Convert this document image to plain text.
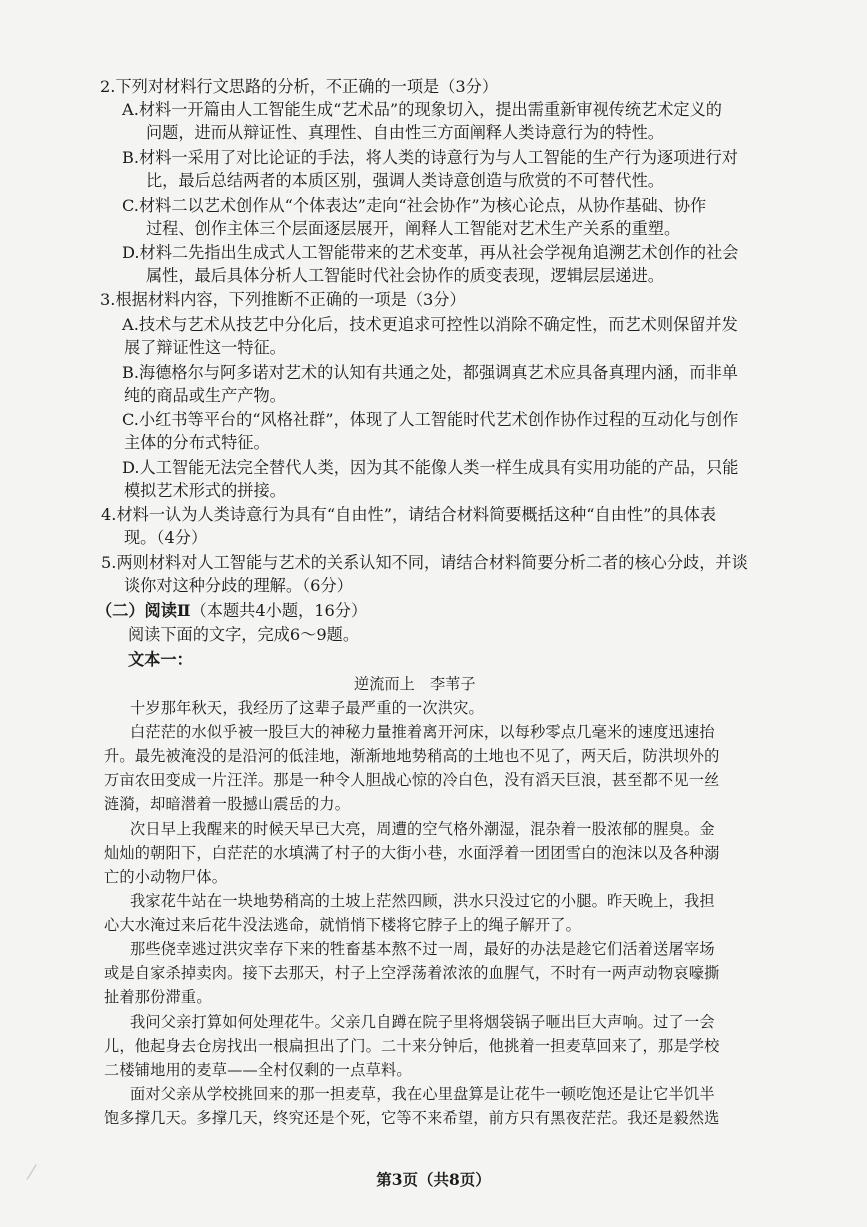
2.下列对材料行文思路的分析，不正确的一项是（3分）
A.材料一开篇由人工智能生成“艺术品”的现象切入，提出需重新审视传统艺术定义的
问题，进而从辩证性、真理性、自由性三方面阐释人类诗意行为的特性。
B.材料一采用了对比论证的手法，将人类的诗意行为与人工智能的生产行为逐项进行对
比，最后总结两者的本质区别，强调人类诗意创造与欣赏的不可替代性。
C.材料二以艺术创作从“个体表达”走向“社会协作”为核心论点，从协作基础、协作
过程、创作主体三个层面逐层展开，阐释人工智能对艺术生产关系的重塑。
D.材料二先指出生成式人工智能带来的艺术变革，再从社会学视角追溯艺术创作的社会
属性，最后具体分析人工智能时代社会协作的质变表现，逻辑层层递进。
3.根据材料内容，下列推断不正确的一项是（3分）
A.技术与艺术从技艺中分化后，技术更追求可控性以消除不确定性，而艺术则保留并发
展了辩证性这一特征。
B.海德格尔与阿多诺对艺术的认知有共通之处，都强调真艺术应具备真理内涵，而非单
纯的商品或生产产物。
C.小红书等平台的“风格社群”，体现了人工智能时代艺术创作协作过程的互动化与创作
主体的分布式特征。
D.人工智能无法完全替代人类，因为其不能像人类一样生成具有实用功能的产品，只能
模拟艺术形式的拼接。
4.材料一认为人类诗意行为具有“自由性”，请结合材料简要概括这种“自由性”的具体表
现。（4分）
5.两则材料对人工智能与艺术的关系认知不同，请结合材料简要分析二者的核心分歧，并谈
谈你对这种分歧的理解。（6分）
（二）阅读Ⅱ（本题共4小题，16分）
阅读下面的文字，完成6～9题。
文本一：
逆流而上　李苇子
十岁那年秋天，我经历了这辈子最严重的一次洪灾。
白茫茫的水似乎被一股巨大的神秘力量推着离开河床，以每秒零点几毫米的速度迅速抬
升。最先被淹没的是沿河的低洼地，渐渐地地势稍高的土地也不见了，两天后，防洪坝外的
万亩农田变成一片汪洋。那是一种令人胆战心惊的冷白色，没有滔天巨浪，甚至都不见一丝
涟漪，却暗潜着一股撼山震岳的力。
次日早上我醒来的时候天早已大亮，周遭的空气格外潮湿，混杂着一股浓郁的腥臭。金
灿灿的朝阳下，白茫茫的水填满了村子的大街小巷，水面浮着一团团雪白的泡沫以及各种溺
亡的小动物尸体。
我家花牛站在一块地势稍高的土坡上茫然四顾，洪水只没过它的小腿。昨天晚上，我担
心大水淹过来后花牛没法逃命，就悄悄下楼将它脖子上的绳子解开了。
那些侥幸逃过洪灾幸存下来的牲畜基本熬不过一周，最好的办法是趁它们活着送屠宰场
或是自家杀掉卖肉。接下去那天，村子上空浮荡着浓浓的血腥气，不时有一两声动物哀嚎撕
扯着那份滞重。
我问父亲打算如何处理花牛。父亲几自蹲在院子里将烟袋锅子咂出巨大声响。过了一会
儿，他起身去仓房找出一根扁担出了门。二十来分钟后，他挑着一担麦草回来了，那是学校
二楼铺地用的麦草——全村仅剩的一点草料。
面对父亲从学校挑回来的那一担麦草，我在心里盘算是让花牛一顿吃饱还是让它半饥半
饱多撑几天。多撑几天，终究还是个死，它等不来希望，前方只有黑夜茫茫。我还是毅然选
⁄	第3页（共8页）
